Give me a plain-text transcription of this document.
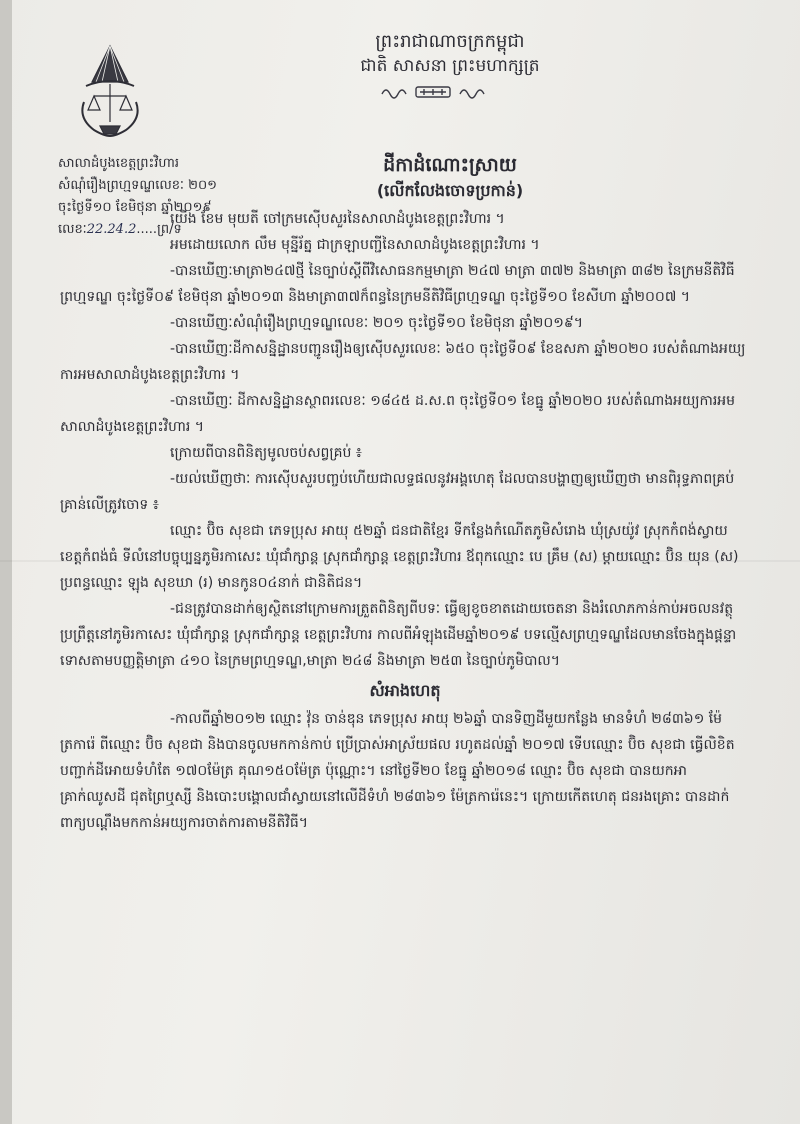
ព្រះរាជាណាចក្រកម្ពុជា
ជាតិ សាសនា ព្រះមហាក្សត្រ
សាលាដំបូងខេត្តព្រះវិហារ
សំណុំរឿងព្រហ្មទណ្ឌលេខៈ ២០១
ចុះថ្ងៃទី១០ ខែមិថុនា ឆ្នាំ២០១៩
លេខៈ22.24.2.....ព្រ/ទ
ដីកាដំណោះស្រាយ
(លើកលែងចោទប្រកាន់)

យើង ខែម មុយតី ចៅក្រមស៊ើបសួរនៃសាលាដំបូងខេត្តព្រះវិហារ ។

អមដោយលោក លឹម មុន្នីរ័ត្ន ជាក្រឡាបញ្ជីនៃសាលាដំបូងខេត្តព្រះវិហារ ។

-បានឃើញៈមាត្រា២៤៧ថ្មី នៃច្បាប់ស្តីពីវិសោធនកម្មមាត្រា ២៤៧ មាត្រា ៣៧២ និងមាត្រា ៣៨២ នៃក្រមនីតិវិធីព្រហ្មទណ្ឌ ចុះថ្ងៃទី០៩ ខែមិថុនា ឆ្នាំ២០១៣ និងមាត្រា៣៧ក៏ពន្ធនៃក្រមនីតិវិធីព្រហ្មទណ្ឌ ចុះថ្ងៃទី១០ ខែសីហា ឆ្នាំ២០០៧ ។

-បានឃើញៈសំណុំរឿងព្រហ្មទណ្ឌលេខៈ ២០១ ចុះថ្ងៃទី១០ ខែមិថុនា ឆ្នាំ២០១៩។

-បានឃើញៈដីកាសន្និដ្ឋានបញ្ជូនរឿងឲ្យស៊ើបសួរលេខៈ ៦៥០ ចុះថ្ងៃទី០៩ ខែឧសភា ឆ្នាំ២០២០ របស់តំណាងអយ្យការអមសាលាដំបូងខេត្តព្រះវិហារ ។

-បានឃើញៈ ដីកាសន្និដ្ឋានស្ថាពរលេខៈ ១៨៤៥ ដ.ស.ព ចុះថ្ងៃទី០១ ខែធ្នូ ឆ្នាំ២០២០ របស់តំណាងអយ្យការអមសាលាដំបូងខេត្តព្រះវិហារ ។

ក្រោយពីបានពិនិត្យមូលចប់សព្វគ្រប់ ៖

-យល់ឃើញថាៈ ការស៊ើបសួរបញ្ចប់ហើយជាលទ្ធផលនូវអង្គហេតុ ដែលបានបង្ហាញឲ្យឃើញថា មានពិរុទ្ធភាពគ្រប់គ្រាន់លើត្រូវចោទ ៖

ឈ្មោះ ប៊ិច សុខជា ភេទប្រុស អាយុ ៥២ឆ្នាំ ជនជាតិខ្មែរ ទីកន្លែងកំណើតភូមិសំរោង ឃុំស្រយ៉ូវ ស្រុកកំពង់ស្វាយ ខេត្តកំពង់ធំ ទីលំនៅបច្ចុប្បន្នភូមិរកាសេះ ឃុំជាំក្សាន្ត ស្រុកជាំក្សាន្ត ខេត្តព្រះវិហារ ឪពុកឈ្មោះ បេ គ្រឹម (ស) ម្តាយឈ្មោះ ប៊ិន យុន (ស) ប្រពន្ធឈ្មោះ ឡុង សុខឃា (រ) មានកូន០៤នាក់ ជានិតិជន។

-ជនត្រូវបានដាក់ឲ្យស្ថិតនៅក្រោមការត្រួតពិនិត្យពីបទៈ ធ្វើឲ្យខូចខាតដោយចេតនា និងរំលោភកាន់កាប់អចលនវត្ថុ ប្រព្រឹត្តនៅភូមិរកាសេះ ឃុំជាំក្សាន្ត ស្រុកជាំក្សាន្ត ខេត្តព្រះវិហារ កាលពីអំឡុងដើមឆ្នាំ២០១៩ បទល្មើសព្រហ្មទណ្ឌដែលមានចែងក្នុងផ្តន្ទាទោសតាមបញ្ញត្តិមាត្រា ៤១០ នៃក្រមព្រហ្មទណ្ឌ,មាត្រា ២៤៨ និងមាត្រា ២៥៣ នៃច្បាប់ភូមិបាល។

សំអាងហេតុ

-កាលពីឆ្នាំ២០១២ ឈ្មោះ វ៉ុន ចាន់ឌុន ភេទប្រុស អាយុ ២៦ឆ្នាំ បានទិញដីមួយកន្លែង មានទំហំ ២៨៣៦១ ម៉ែត្រការ៉េ ពីឈ្មោះ ប៊ិច សុខជា និងបានចូលមកកាន់កាប់ ប្រើប្រាស់អាស្រ័យផល រហូតដល់ឆ្នាំ ២០១៧ ទើបឈ្មោះ ប៊ិច សុខជា ធ្វើលិខិតបញ្ជាក់ដីអោយទំហំតែ ១៧០ម៉ែត្រ គុណ១៥០ម៉ែត្រ ប៉ុណ្ណោះ។ នៅថ្ងៃទី២០ ខែធ្នូ ឆ្នាំ២០១៨ ឈ្មោះ ប៊ិច សុខជា បានយកអាគ្រាក់ឈូសដី ជុតព្រៃឬស្សី និងបោះបង្គោលជាំស្វាយនៅលើដីទំហំ ២៨៣៦១ ម៉ែត្រការ៉េនេះ។ ក្រោយកើតហេតុ ជនរងគ្រោះ បានដាក់ពាក្យបណ្តឹងមកកាន់អយ្យការចាត់ការតាមនីតិវិធី។
